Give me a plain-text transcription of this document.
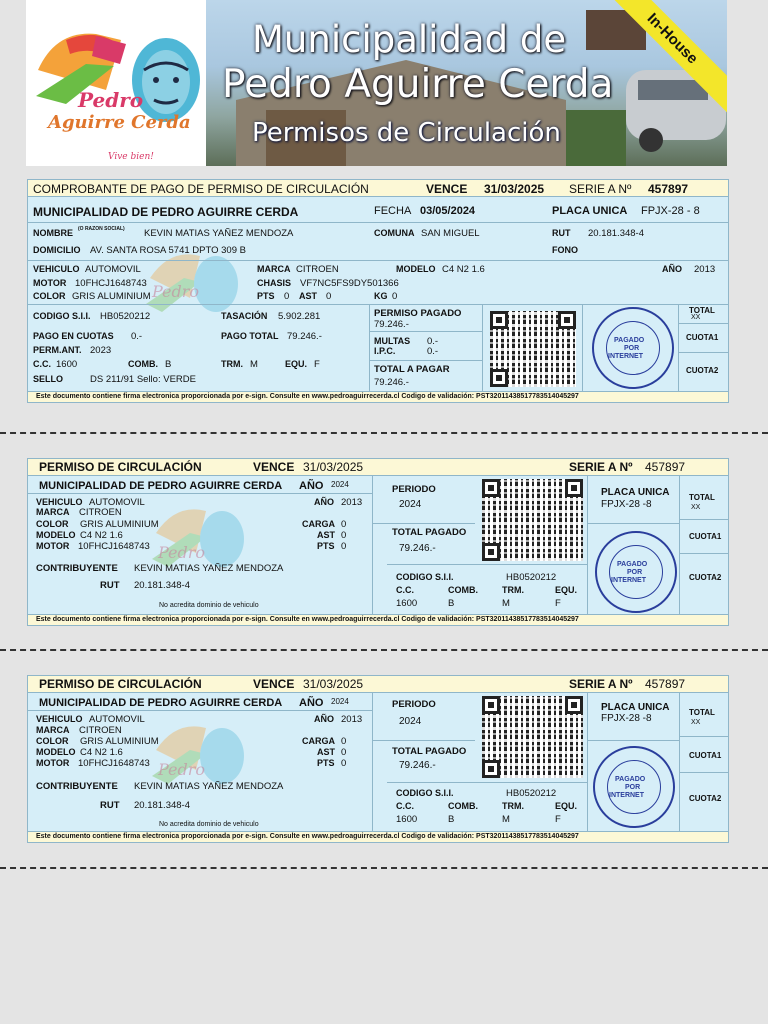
Pedro
Aguirre Cerda
Vive bien!
Municipalidad de
Pedro Aguirre Cerda
Permisos de Circulación
In-House
COMPROBANTE DE PAGO DE PERMISO DE CIRCULACIÓN	VENCE 31/03/2025 SERIE A Nº 457897
Pedro
MUNICIPALIDAD DE PEDRO AGUIRRE CERDA	FECHA 03/05/2024	PLACA UNICA FPJX-28 - 8
NOMBRE (O RAZON SOCIAL) KEVIN MATIAS YAÑEZ MENDOZA	COMUNA SAN MIGUEL	RUT 20.181.348-4
DOMICILIO AV. SANTA ROSA 5741 DPTO 309 B	FONO
VEHICULO AUTOMOVIL	MARCA CITROEN	MODELO C4 N2 1.6	AÑO 2013
MOTOR 10FHCJ1648743	CHASIS VF7NC5FS9DY501366
COLOR GRIS ALUMINIUM	PTS 0 AST 0	KG 0
CODIGO S.I.I. HB0520212	TASACIÓN 5.902.281
PAGO EN CUOTAS 0.-	PAGO TOTAL 79.246.-
PERM.ANT. 2023
C.C. 1600	COMB. B	TRM. M	EQU. F
SELLO	DS 211/91 Sello: VERDE
PERMISO PAGADO
79.246.-
MULTAS 0.-
I.P.C.	0.-
TOTAL A PAGAR
79.246.-
PAGADO
POR
INTERNET
TOTAL
XX
CUOTA1
CUOTA2
Este documento contiene firma electronica proporcionada por e-sign. Consulte en www.pedroaguirrecerda.cl Codigo de validación: PST32011438517783514045297
PERMISO DE CIRCULACIÓN	VENCE 31/03/2025	SERIE A Nº 457897
Pedro
MUNICIPALIDAD DE PEDRO AGUIRRE CERDA AÑO 2024
VEHICULO AUTOMOVIL	AÑO 2013
MARCA CITROEN
COLOR GRIS ALUMINIUM	CARGA 0
MODELO C4 N2 1.6	AST 0
MOTOR 10FHCJ1648743	PTS 0
CONTRIBUYENTE KEVIN MATIAS YAÑEZ MENDOZA
RUT 20.181.348-4
No acredita dominio de vehiculo
PERIODO
2024
TOTAL PAGADO
79.246.-
CODIGO S.I.I.	HB0520212
C.C.	COMB.	TRM.	EQU.
1600	B	M	F
PLACA UNICA
FPJX-28 -8
PAGADO
POR
INTERNET
TOTAL
XX
CUOTA1
CUOTA2
Este documento contiene firma electronica proporcionada por e-sign. Consulte en www.pedroaguirrecerda.cl Codigo de validación: PST32011438517783514045297
PERMISO DE CIRCULACIÓN	VENCE 31/03/2025	SERIE A Nº 457897
Pedro
MUNICIPALIDAD DE PEDRO AGUIRRE CERDA AÑO 2024
VEHICULO AUTOMOVIL	AÑO 2013
MARCA CITROEN
COLOR GRIS ALUMINIUM	CARGA 0
MODELO C4 N2 1.6	AST 0
MOTOR 10FHCJ1648743	PTS 0
CONTRIBUYENTE KEVIN MATIAS YAÑEZ MENDOZA
RUT 20.181.348-4
No acredita dominio de vehiculo
PERIODO
2024
TOTAL PAGADO
79.246.-
CODIGO S.I.I.	HB0520212
C.C.	COMB.	TRM.	EQU.
1600	B	M	F
PLACA UNICA
FPJX-28 -8
PAGADO
POR
INTERNET
TOTAL
XX
CUOTA1
CUOTA2
Este documento contiene firma electronica proporcionada por e-sign. Consulte en www.pedroaguirrecerda.cl Codigo de validación: PST32011438517783514045297
